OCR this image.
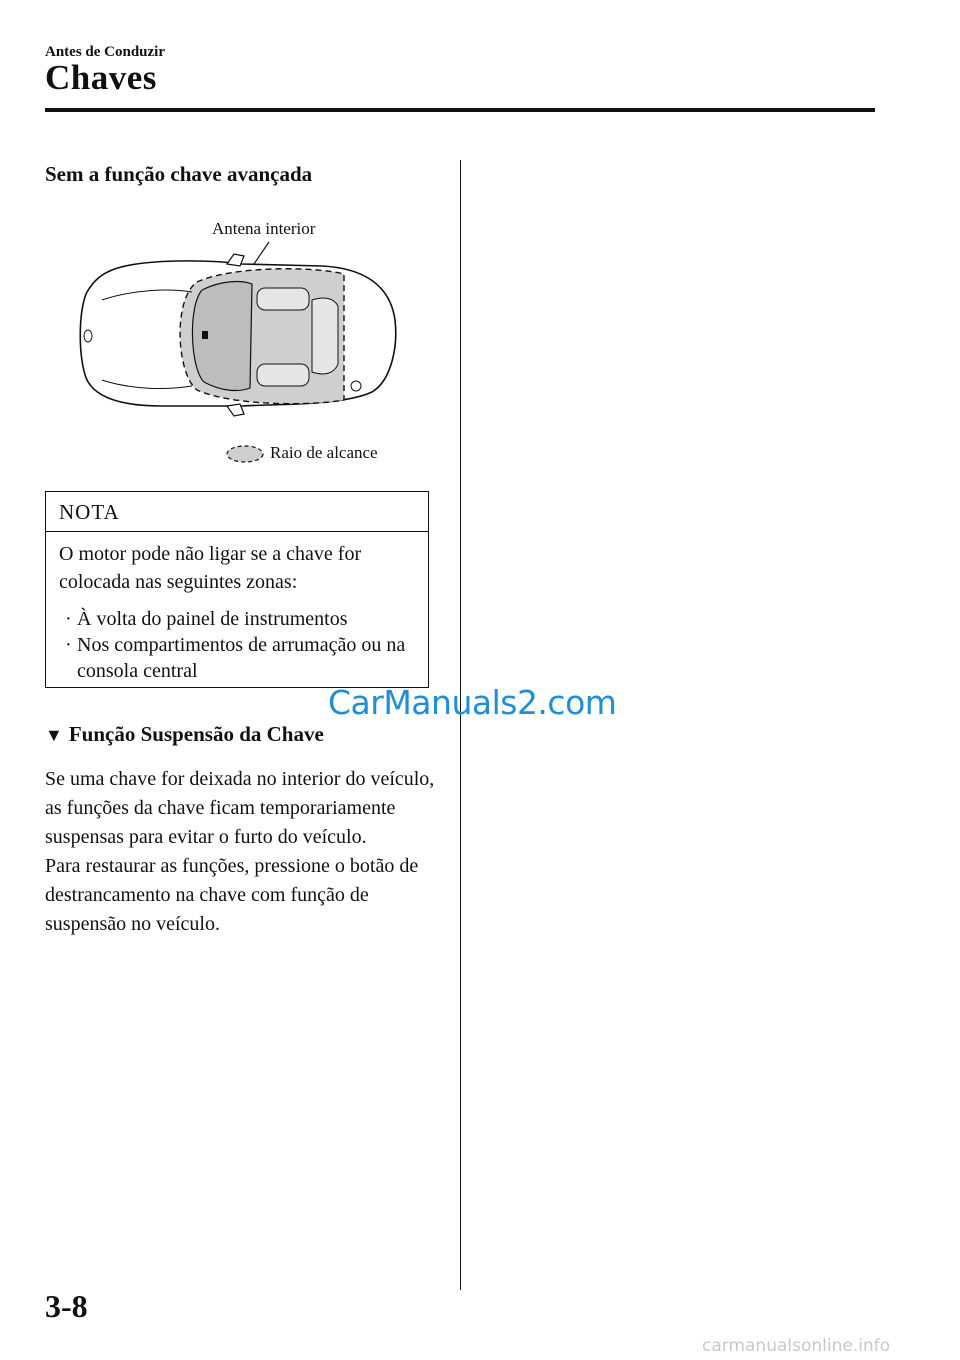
Antes de Conduzir
Chaves
Sem a função chave avançada
Antena interior
Raio de alcance
NOTA
O motor pode não ligar se a chave for colocada nas seguintes zonas:
· À volta do painel de instrumentos
· Nos compartimentos de arrumação ou na consola central
▼ Função Suspensão da Chave

Se uma chave for deixada no interior do veículo, as funções da chave ficam temporariamente suspensas para evitar o furto do veículo.

Para restaurar as funções, pressione o botão de destrancamento na chave com função de suspensão no veículo.

CarManuals2.com
3-8
carmanualsonline.info
